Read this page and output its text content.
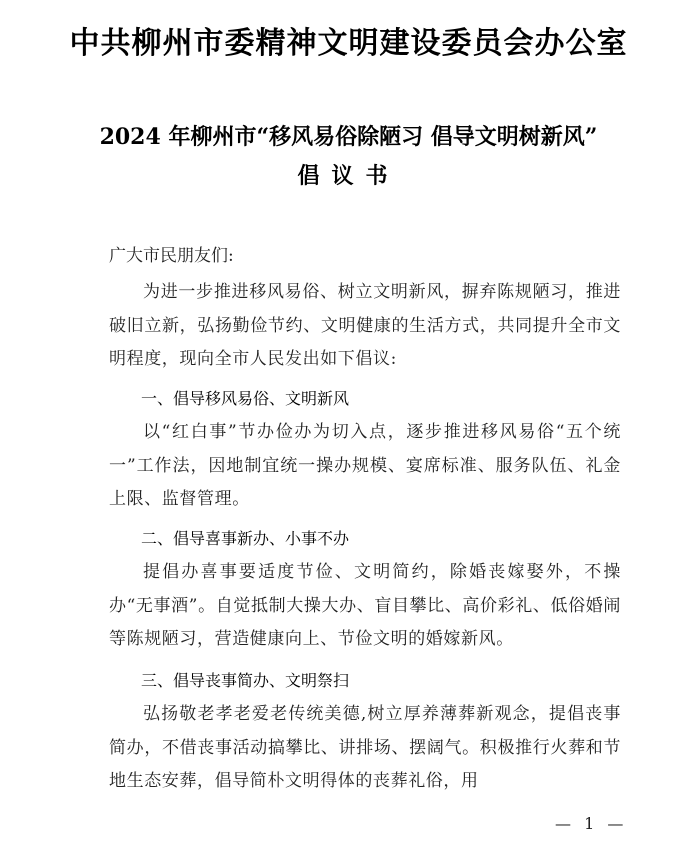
中共柳州市委精神文明建设委员会办公室
2024 年柳州市“移风易俗除陋习 倡导文明树新风”
倡议书
广大市民朋友们:
为进一步推进移风易俗、树立文明新风，摒弃陈规陋习，推进破旧立新，弘扬勤俭节约、文明健康的生活方式，共同提升全市文明程度，现向全市人民发出如下倡议:
一、倡导移风易俗、文明新风
以“红白事”节办俭办为切入点，逐步推进移风易俗“五个统一”工作法，因地制宜统一操办规模、宴席标准、服务队伍、礼金上限、监督管理。
二、倡导喜事新办、小事不办
提倡办喜事要适度节俭、文明简约，除婚丧嫁娶外，不操办“无事酒”。自觉抵制大操大办、盲目攀比、高价彩礼、低俗婚闹等陈规陋习，营造健康向上、节俭文明的婚嫁新风。
三、倡导丧事简办、文明祭扫
弘扬敬老孝老爱老传统美德,树立厚养薄葬新观念，提倡丧事简办，不借丧事活动搞攀比、讲排场、摆阔气。积极推行火葬和节地生态安葬，倡导简朴文明得体的丧葬礼俗，用
— 1 —
